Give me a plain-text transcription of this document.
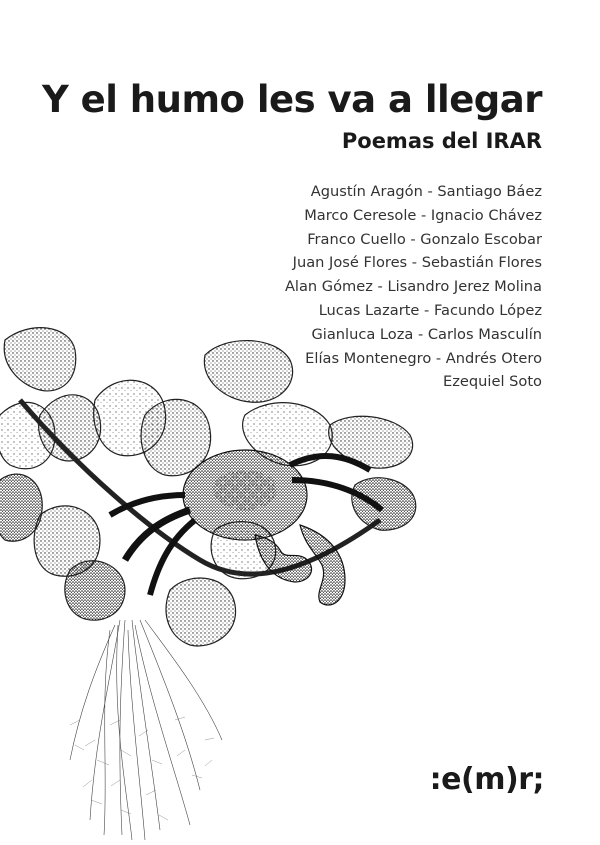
Y el humo les va a llegar
Poemas del IRAR
Agustín Aragón - Santiago Báez
Marco Ceresole - Ignacio Chávez
Franco Cuello - Gonzalo Escobar
Juan José Flores - Sebastián Flores
Alan Gómez - Lisandro Jerez Molina
Lucas Lazarte - Facundo López
Gianluca Loza - Carlos Masculín
Elías Montenegro - Andrés Otero
Ezequiel Soto
:e(m)r;
